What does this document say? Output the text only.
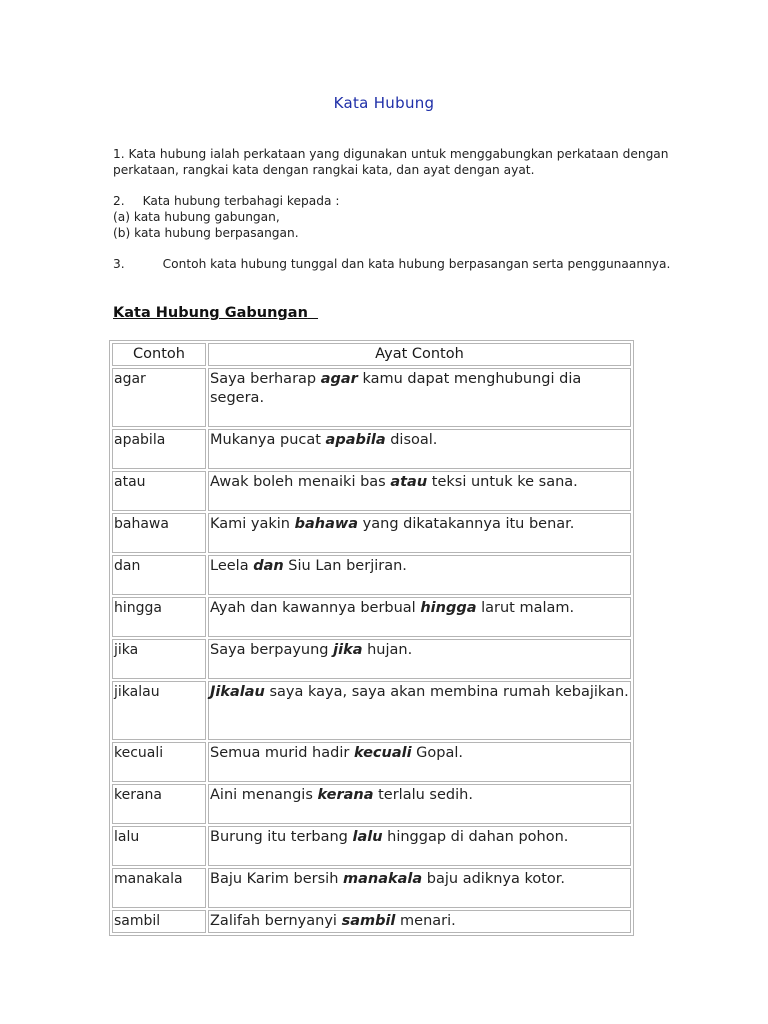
Kata Hubung
1. Kata hubung ialah perkataan yang digunakan untuk menggabungkan perkataan dengan perkataan, rangkai kata dengan rangkai kata, dan ayat dengan ayat.
2. Kata hubung terbahagi kepada :
(a) kata hubung gabungan,
(b) kata hubung berpasangan.
3.	Contoh kata hubung tunggal dan kata hubung berpasangan serta penggunaannya.
Kata Hubung Gabungan
Contoh	Ayat Contoh
agar	Saya berharap agar kamu dapat menghubungi dia segera.
apabila	Mukanya pucat apabila disoal.
atau	Awak boleh menaiki bas atau teksi untuk ke sana.
bahawa	Kami yakin bahawa yang dikatakannya itu benar.
dan	Leela dan Siu Lan berjiran.
hingga	Ayah dan kawannya berbual hingga larut malam.
jika	Saya berpayung jika hujan.
jikalau	Jikalau saya kaya, saya akan membina rumah kebajikan.
kecuali	Semua murid hadir kecuali Gopal.
kerana	Aini menangis kerana terlalu sedih.
lalu	Burung itu terbang lalu hinggap di dahan pohon.
manakala	Baju Karim bersih manakala baju adiknya kotor.
sambil	Zalifah bernyanyi sambil menari.
